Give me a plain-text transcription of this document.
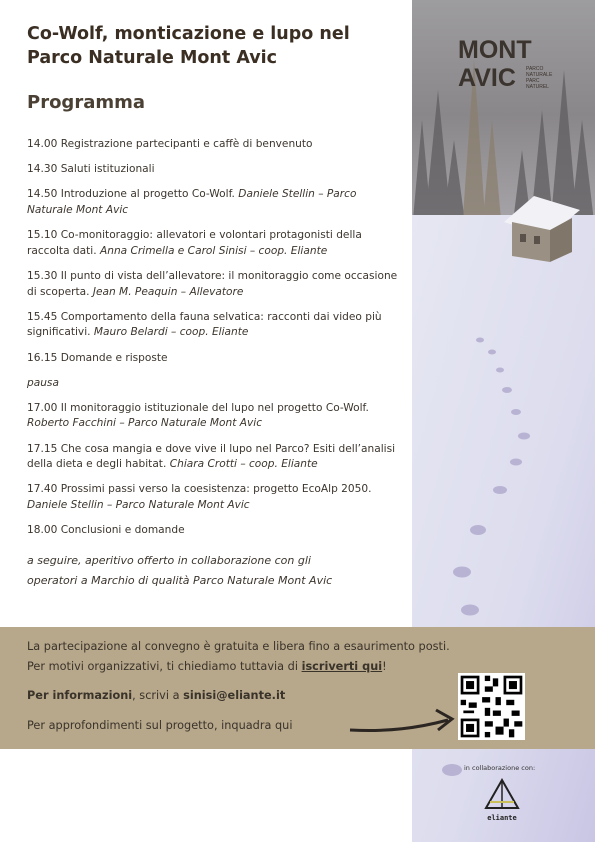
Co-Wolf, monticazione e lupo nel
Parco Naturale Mont Avic
Programma

14.00 Registrazione partecipanti e caffè di benvenuto

14.30 Saluti istituzionali

14.50 Introduzione al progetto Co-Wolf. Daniele Stellin – Parco Naturale Mont Avic

15.10 Co-monitoraggio: allevatori e volontari protagonisti della raccolta dati. Anna Crimella e Carol Sinisi – coop. Eliante

15.30 Il punto di vista dell’allevatore: il monitoraggio come occasione di scoperta. Jean M. Peaquin – Allevatore

15.45 Comportamento della fauna selvatica: racconti dai video più significativi. Mauro Belardi – coop. Eliante

16.15 Domande e risposte

pausa

17.00 Il monitoraggio istituzionale del lupo nel progetto Co-Wolf. Roberto Facchini – Parco Naturale Mont Avic

17.15 Che cosa mangia e dove vive il lupo nel Parco? Esiti dell’analisi della dieta e degli habitat. Chiara Crotti – coop. Eliante

17.40 Prossimi passi verso la coesistenza: progetto EcoAlp 2050. Daniele Stellin – Parco Naturale Mont Avic

18.00 Conclusioni e domande

a seguire, aperitivo offerto in collaborazione con gli
operatori a Marchio di qualità Parco Naturale Mont Avic
MONT
AVIC PARCO
NATURALE
PARC
NATUREL

La partecipazione al convegno è gratuita e libera fino a esaurimento posti.

Per motivi organizzativi, ti chiediamo tuttavia di iscriverti qui!

Per informazioni, scrivi a sinisi@eliante.it

Per approfondimenti sul progetto, inquadra qui

in collaborazione con:
eliante
